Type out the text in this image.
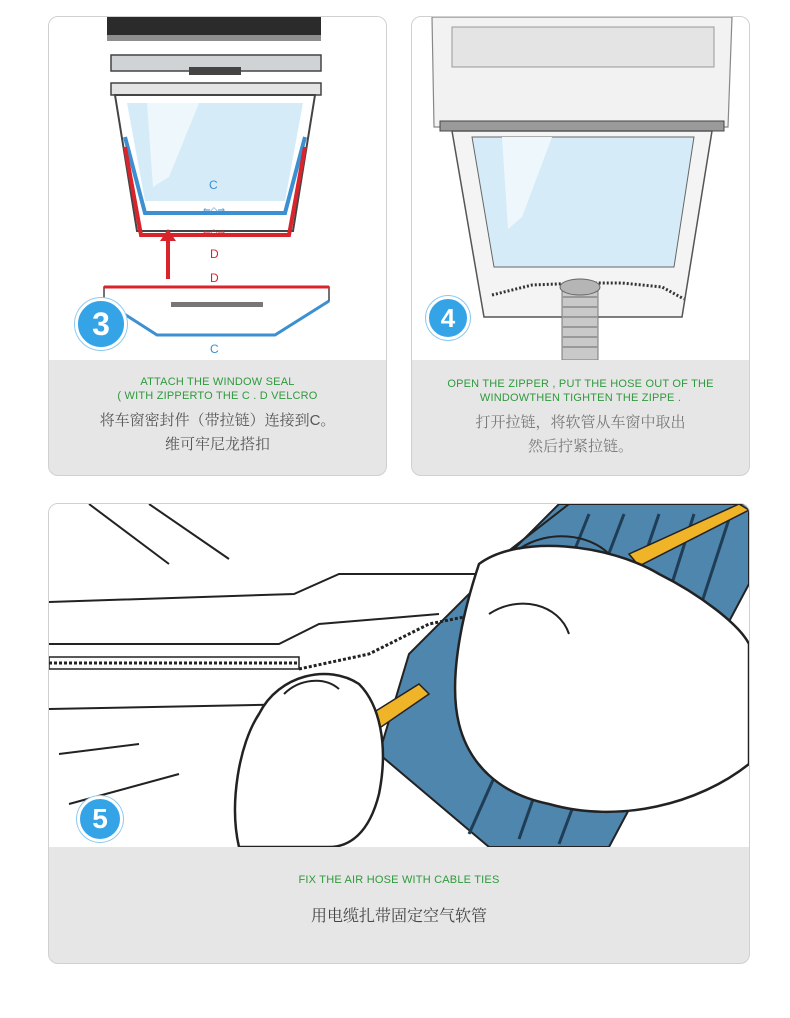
⇐◇⇒
⇐◇⇒
C
D
D
C
3
ATTACH THE WINDOW SEAL
( WITH ZIPPERTO THE C . D VELCRO
将车窗密封件（带拉链）连接到C。
维可牢尼龙搭扣
4
OPEN THE ZIPPER , PUT THE HOSE OUT OF THE
WINDOWTHEN TIGHTEN THE ZIPPE .
打开拉链，将软管从车窗中取出
然后拧紧拉链。
5
FIX THE AIR HOSE WITH CABLE TIES
用电缆扎带固定空气软管
